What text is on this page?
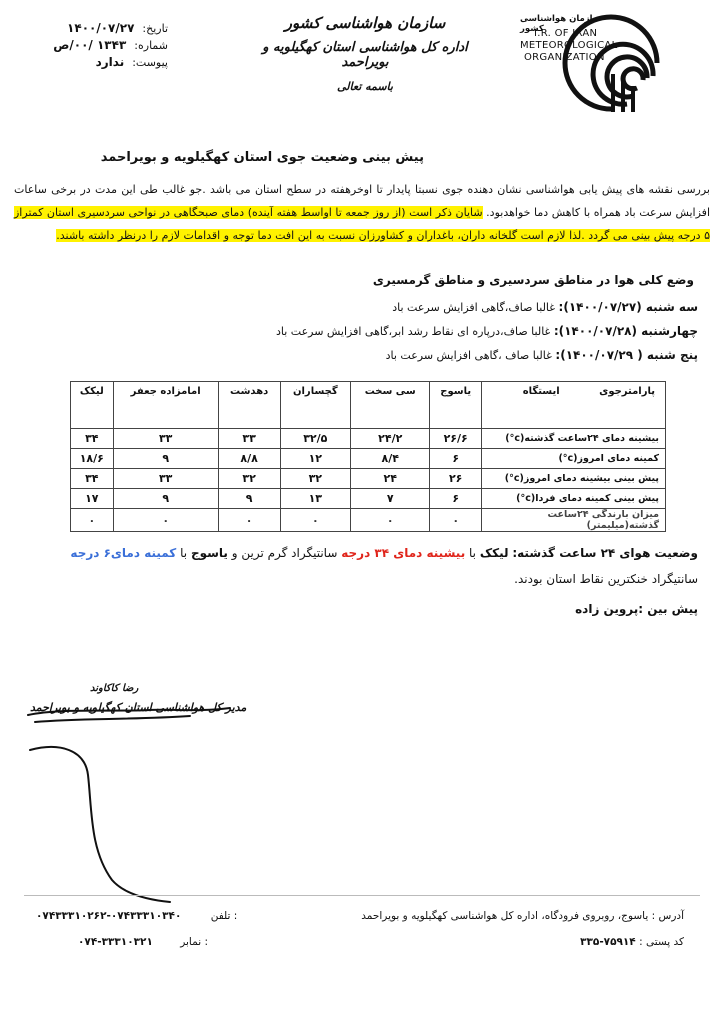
تاریخ:
۱۴۰۰/۰۷/۲۷
شماره:
۱۳۴۳ /۰۰/ص
پیوست:
ندارد
سازمان هواشناسی کشور
اداره کل هواشناسی استان کهگیلویه و بویراحمد
باسمه تعالی
سازمان هواشناسی کشور
I.R. OF IRAN
METEOROLOGICAL
ORGANIZATION
پیش بینی وضعیت جوی استان کهگیلویه و بویراحمد
بررسی نقشه های پیش یابی هواشناسی نشان دهنده جوی نسبتا پایدار تا اوخرهفته در سطح استان می باشد .جو غالب طی این مدت در برخی ساعات افزایش سرعت باد همراه با کاهش دما خواهدبود. شایان ذکر است (از روز جمعه تا اواسط هفته آینده) دمای صبحگاهی در نواحی سردسیری استان کمتراز ۵ درجه پیش بینی می گردد .لذا لازم است گلخانه داران، باغداران و کشاورزان نسبت به این افت دما توجه و اقدامات لازم را درنظر داشته باشند.
وضع کلی هوا در مناطق سردسیری و مناطق گرمسیری
سه شنبه (۱۴۰۰/۰۷/۲۷): غالبا صاف،گاهی افزایش سرعت باد
چهارشنبه (۱۴۰۰/۰۷/۲۸): غالبا صاف،درپاره ای نقاط رشد ابر،گاهی افزایش سرعت باد
پنج شنبه ( ۱۴۰۰/۰۷/۲۹): غالبا صاف ،گاهی افزایش سرعت باد
پارامترجوی ایستگاه	یاسوج	سی سخت	گچساران	دهدشت	امامزاده جعفر	لیکک
بیشینه دمای ۲۴ساعت گذشته(c°)	۲۶/۶	۲۴/۲	۳۲/۵	۳۳	۳۳	۳۴
کمینه دمای امروز(c°)	۶	۸/۴	۱۲	۸/۸	۹	۱۸/۶
پیش بینی بیشینه دمای امروز(c°)	۲۶	۲۴	۳۲	۳۲	۳۳	۳۴
پیش بینی کمینه دمای فردا(c°)	۶	۷	۱۳	۹	۹	۱۷
میزان بارندگی ۲۴ساعت گذشته(میلیمتر)	۰	۰	۰	۰	۰	۰
وضعیت هوای ۲۴ ساعت گذشته: لیکک با بیشینه دمای ۳۴ درجه سانتیگراد گرم ترین و یاسوج با کمینه دمای۶ درجه سانتیگراد خنکترین نقاط استان بودند.
پیش بین :پروین زاده
رضا کاکاوند
مدیر کل هواشناسی استان کهگیلویه و بویراحمد
آدرس : یاسوج، روبروی فرودگاه، اداره کل هواشناسی کهگیلویه و بویراحمد
۰۷۴۳۳۳۱۰۲۶۲-۰۷۴۳۳۳۱۰۳۴۰	تلفن :
کد پستی : ۷۵۹۱۴-۳۳۵
۰۷۴-۳۳۳۱۰۳۲۱	نمابر :
